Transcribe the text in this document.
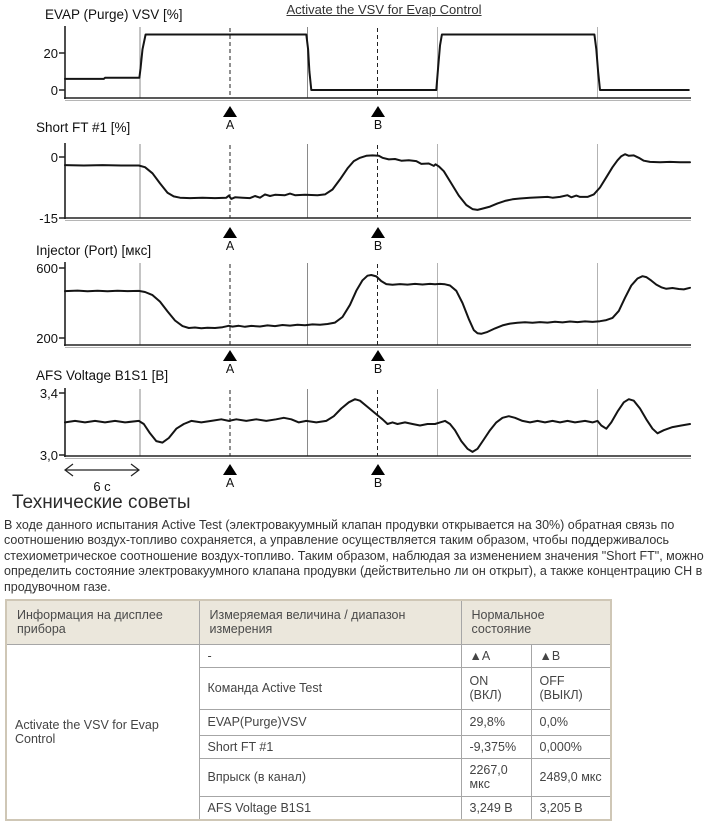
Activate the VSV for Evap Control
EVAP (Purge) VSV [%]
Short FT #1 [%]
Injector (Port) [мкс]
AFS Voltage B1S1 [В]
20
0
0
-15
600
200
3,4
3,0
A	B
A	B
A	B
A	B
6 с
Технические советы
В ходе данного испытания Active Test (электровакуумный клапан продувки открывается на 30%) обратная связь по соотношению воздух-топливо сохраняется, а управление осуществляется таким образом, чтобы поддерживалось стехиометрическое соотношение воздух-топливо. Таким образом, наблюдая за изменением значения "Short FT", можно определить состояние электровакуумного клапана продувки (действительно ли он открыт), а также концентрацию CH в продувочном газе.
Информация на дисплее прибора	Измеряемая величина / диапазон измерения	Нормальное состояние	
Activate the VSV for Evap Control	-	▲A	▲B
	Команда Active Test	ON (ВКЛ)	OFF (ВЫКЛ)
	EVAP(Purge)VSV	29,8%	0,0%
	Short FT #1	-9,375%	0,000%
	Впрыск (в канал)	2267,0 мкс	2489,0 мкс
	AFS Voltage B1S1	3,249 В	3,205 В
